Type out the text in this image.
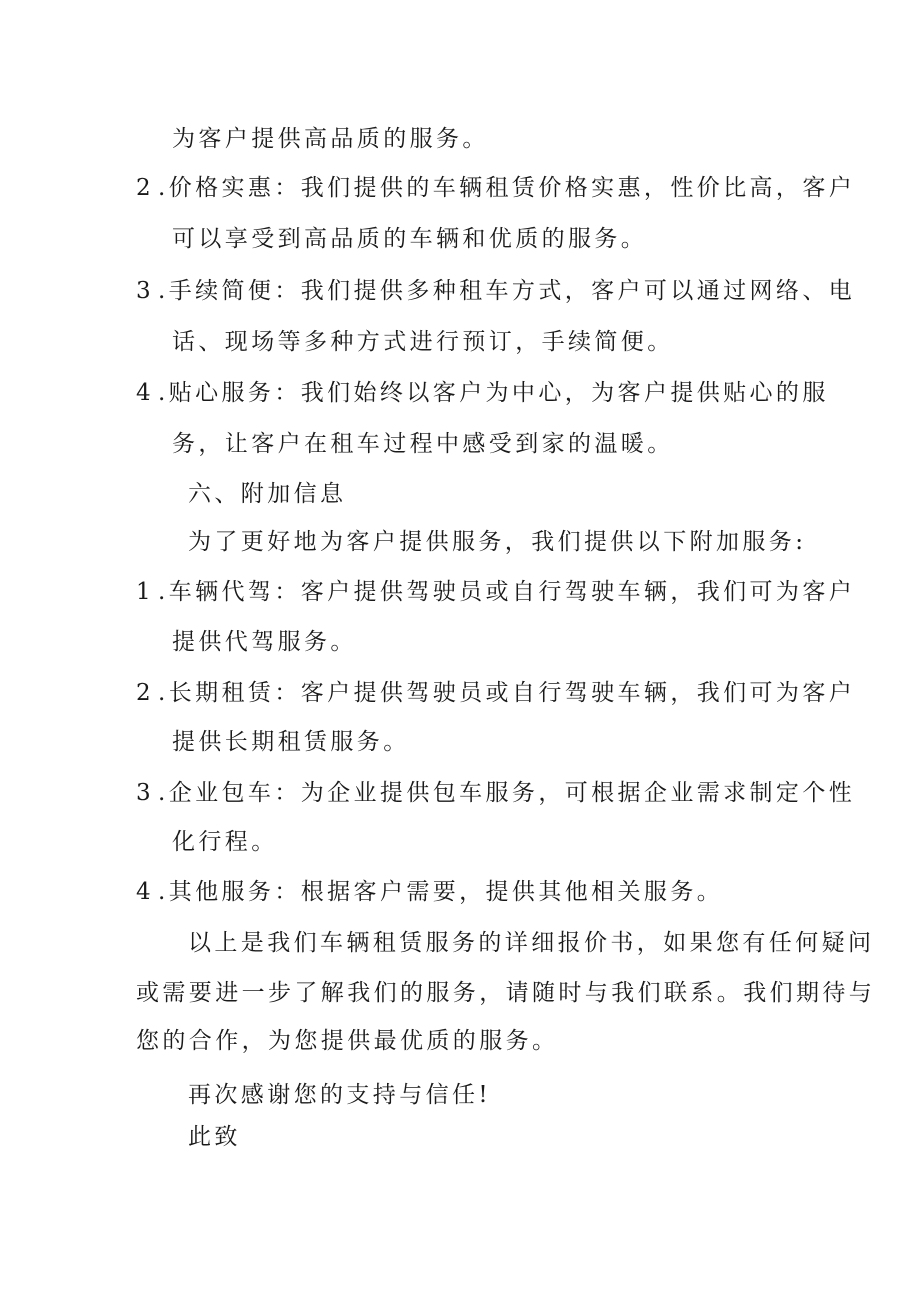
为客户提供高品质的服务。
2 .价格实惠：我们提供的车辆租赁价格实惠，性价比高，客户
可以享受到高品质的车辆和优质的服务。
3 .手续简便：我们提供多种租车方式，客户可以通过网络、电
话、现场等多种方式进行预订，手续简便。
4 .贴心服务：我们始终以客户为中心，为客户提供贴心的服
务，让客户在租车过程中感受到家的温暖。
六、附加信息
为了更好地为客户提供服务，我们提供以下附加服务:
1 .车辆代驾：客户提供驾驶员或自行驾驶车辆，我们可为客户
提供代驾服务。
2 .长期租赁：客户提供驾驶员或自行驾驶车辆，我们可为客户
提供长期租赁服务。
3 .企业包车：为企业提供包车服务，可根据企业需求制定个性
化行程。
4 .其他服务：根据客户需要，提供其他相关服务。
以上是我们车辆租赁服务的详细报价书，如果您有任何疑问
或需要进一步了解我们的服务，请随时与我们联系。我们期待与
您的合作，为您提供最优质的服务。
再次感谢您的支持与信任!
此致
